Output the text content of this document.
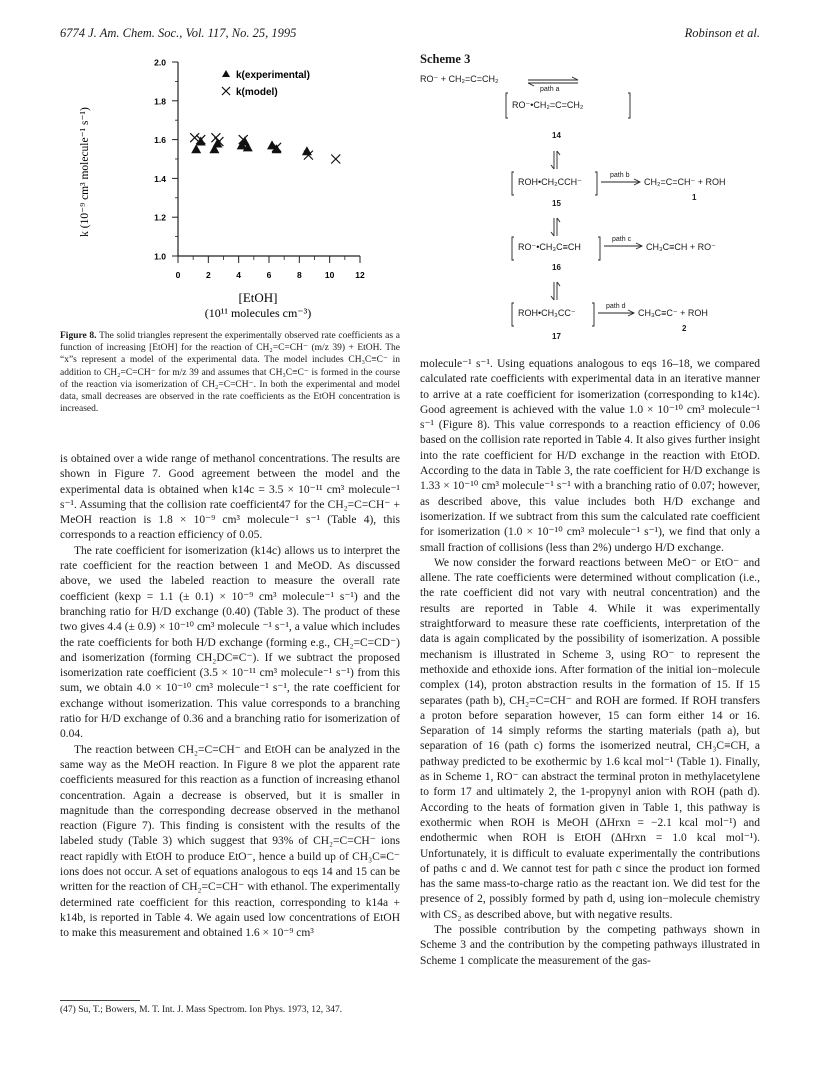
6774 J. Am. Chem. Soc., Vol. 117, No. 25, 1995	Robinson et al.
1.0
1.2
1.4
1.6
1.8
2.0
0	2	4	6	8	10 12
k(experimental)
k(model)
[EtOH]
(10¹¹ molecules cm⁻³)
k (10⁻⁹ cm³ molecule⁻¹ s⁻¹)
Figure 8. The solid triangles represent the experimentally observed rate coefficients as a function of increasing [EtOH] for the reaction of CH₂=C=CH⁻ (m/z 39) + EtOH. The “x”s represent a model of the experimental data. The model includes CH₃C≡C⁻ in addition to CH₂=C=CH⁻ for m/z 39 and assumes that CH₃C≡C⁻ is formed in the course of the reaction via isomerization of CH₂=C=CH⁻. In both the experimental and model data, small decreases are observed in the rate coefficients as the EtOH concentration is increased.
Scheme 3
RO⁻ + CH₂=C=CH₂
path a
RO⁻•CH₂=C=CH₂
14
ROH•CH₂CCH⁻
path b
CH₂=C=CH⁻ + ROH
15
1
RO⁻•CH₃C≡CH
path c
CH₃C≡CH + RO⁻
16
ROH•CH₃CC⁻
path d
CH₃C≡C⁻ + ROH
17
2

is obtained over a wide range of methanol concentrations. The results are shown in Figure 7. Good agreement between the model and the experimental data is obtained when k14c = 3.5 × 10⁻¹¹ cm³ molecule⁻¹ s⁻¹. Assuming that the collision rate coefficient47 for the CH₂=C=CH⁻ + MeOH reaction is 1.8 × 10⁻⁹ cm³ molecule⁻¹ s⁻¹ (Table 4), this corresponds to a reaction efficiency of 0.05.

The rate coefficient for isomerization (k14c) allows us to interpret the rate coefficient for the reaction between 1 and MeOD. As discussed above, we used the labeled reaction to measure the overall rate coefficient (kexp = 1.1 (± 0.1) × 10⁻⁹ cm³ molecule⁻¹ s⁻¹) and the branching ratio for H/D exchange (0.40) (Table 3). The product of these two gives 4.4 (± 0.9) × 10⁻¹⁰ cm³ molecule ⁻¹ s⁻¹, a value which includes the rate coefficients for both H/D exchange (forming e.g., CH₂=C=CD⁻) and isomerization (forming CH₂DC≡C⁻). If we subtract the proposed isomerization rate coefficient (3.5 × 10⁻¹¹ cm³ molecule⁻¹ s⁻¹) from this sum, we obtain 4.0 × 10⁻¹⁰ cm³ molecule⁻¹ s⁻¹, the rate coefficient for exchange without isomerization. This value corresponds to a branching ratio for H/D exchange of 0.36 and a branching ratio for isomerization of 0.04.

The reaction between CH₂=C=CH⁻ and EtOH can be analyzed in the same way as the MeOH reaction. In Figure 8 we plot the apparent rate coefficients measured for this reaction as a function of increasing ethanol concentration. Again a decrease is observed, but it is smaller in magnitude than the corresponding decrease observed in the methanol reaction (Figure 7). This finding is consistent with the results of the labeled study (Table 3) which suggest that 93% of CH₂=C=CH⁻ ions react rapidly with EtOH to produce EtO⁻, hence a build up of CH₃C≡C⁻ ions does not occur. A set of equations analogous to eqs 14 and 15 can be written for the reaction of CH₂=C=CH⁻ with ethanol. The experimentally determined rate coefficient for this reaction, corresponding to k14a + k14b, is reported in Table 4. We again used low concentrations of EtOH to make this measurement and obtained 1.6 × 10⁻⁹ cm³

(47) Su, T.; Bowers, M. T. Int. J. Mass Spectrom. Ion Phys. 1973, 12, 347.

molecule⁻¹ s⁻¹. Using equations analogous to eqs 16–18, we compared calculated rate coefficients with experimental data in an iterative manner to arrive at a rate coefficient for isomerization (corresponding to k14c). Good agreement is achieved with the value 1.0 × 10⁻¹⁰ cm³ molecule⁻¹ s⁻¹ (Figure 8). This value corresponds to a reaction efficiency of 0.06 based on the collision rate reported in Table 4. It also gives further insight into the rate coefficient for H/D exchange in the reaction with EtOD. According to the data in Table 3, the rate coefficient for H/D exchange is 1.33 × 10⁻¹⁰ cm³ molecule⁻¹ s⁻¹ with a branching ratio of 0.07; however, as described above, this value includes both H/D exchange and isomerization. If we subtract from this sum the calculated rate coefficient for isomerization (1.0 × 10⁻¹⁰ cm³ molecule⁻¹ s⁻¹), we find that only a small fraction of collisions (less than 2%) undergo H/D exchange.

We now consider the forward reactions between MeO⁻ or EtO⁻ and allene. The rate coefficients were determined without complication (i.e., the rate coefficient did not vary with neutral concentration) and the results are reported in Table 4. While it was experimentally straightforward to measure these rate coefficients, interpretation of the data is again complicated by the possibility of isomerization. A possible mechanism is illustrated in Scheme 3, using RO⁻ to represent the methoxide and ethoxide ions. After formation of the initial ion−molecule complex (14), proton abstraction results in the formation of 15. If 15 separates (path b), CH₂=C=CH⁻ and ROH are formed. If ROH transfers a proton before separation however, 15 can form either 14 or 16. Separation of 14 simply reforms the starting materials (path a), but separation of 16 (path c) forms the isomerized neutral, CH₃C≡CH, a pathway predicted to be exothermic by 1.6 kcal mol⁻¹ (Table 1). Finally, as in Scheme 1, RO⁻ can abstract the terminal proton in methylacetylene to form 17 and ultimately 2, the 1-propynyl anion with ROH (path d). According to the heats of formation given in Table 1, this pathway is exothermic when ROH is MeOH (ΔHrxn = −2.1 kcal mol⁻¹) and endothermic when ROH is EtOH (ΔHrxn = 1.0 kcal mol⁻¹). Unfortunately, it is difficult to evaluate experimentally the contributions of paths c and d. We cannot test for path c since the product ion formed has the same mass-to-charge ratio as the reactant ion. We did test for the presence of 2, possibly formed by path d, using ion−molecule chemistry with CS₂ as described above, but with negative results.

The possible contribution by the competing pathways shown in Scheme 3 and the contribution by the competing pathways illustrated in Scheme 1 complicate the measurement of the gas-
